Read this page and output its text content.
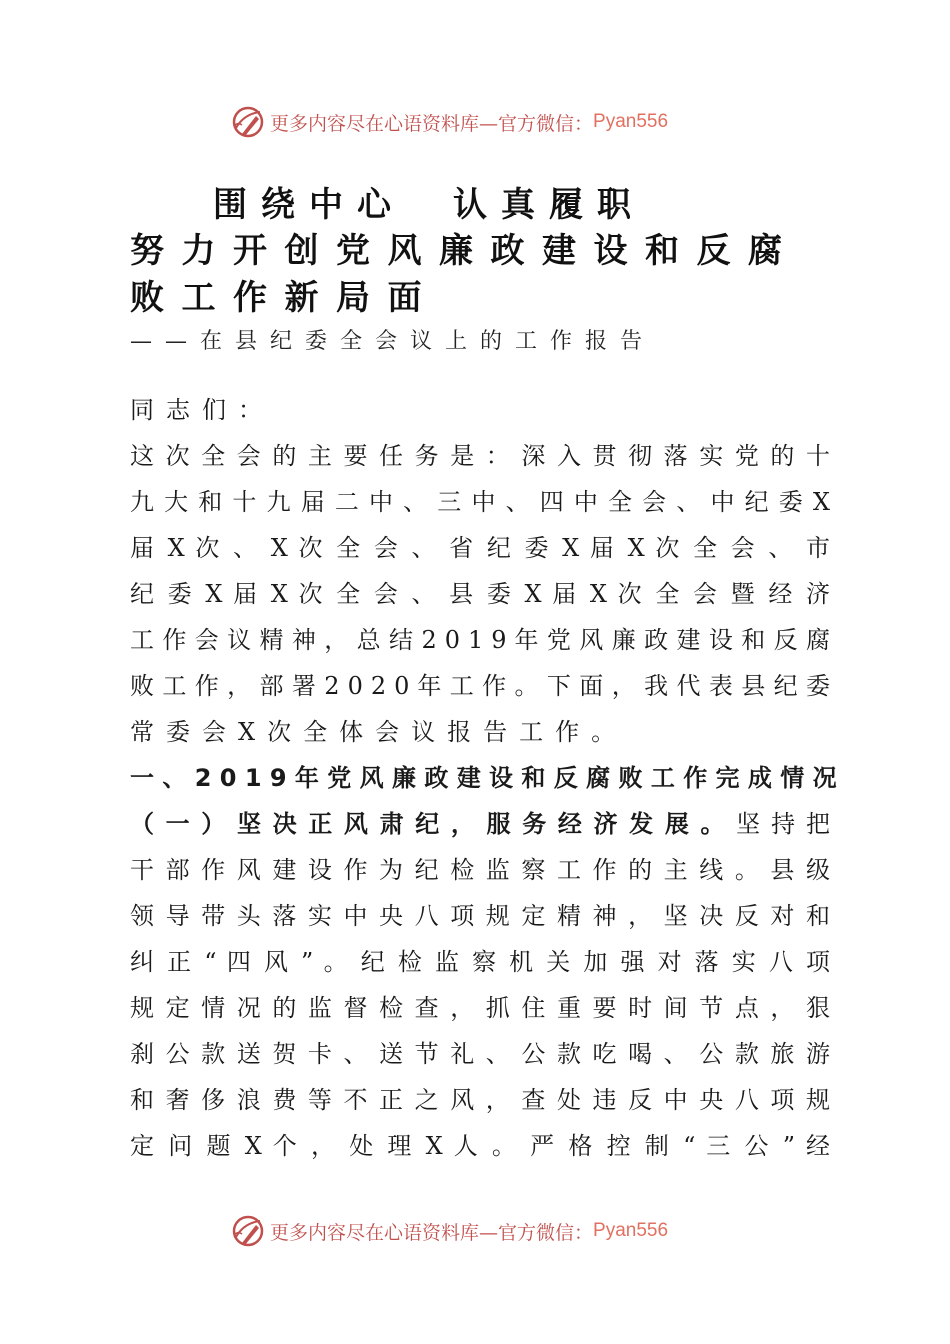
更多内容尽在心语资料库—官方微信： Pyan556
围绕中心　认真履职
努力开创党风廉政建设和反腐
败工作新局面
——在县纪委全会议上的工作报告
同志们：
这 次 全 会 的 主 要 任 务 是 ： 深 入 贯 彻 落 实 党 的 十
九 大 和 十 九 届 二 中 、 三 中 、 四 中 全 会 、 中 纪 委 X
届 X 次 、 X 次 全 会 、 省 纪 委 X 届 X 次 全 会 、 市
纪 委 X 届 X 次 全 会 、 县 委 X 届 X 次 全 会 暨 经 济
工 作 会 议 精 神 ， 总 结 2 0 1 9 年 党 风 廉 政 建 设 和 反 腐
败 工 作 ， 部 署 2 0 2 0 年 工 作 。 下 面 ， 我 代 表 县 纪 委
常委会X次全体会议报告工作。
一 、 2 0 1 9 年 党 风 廉 政 建 设 和 反 腐 败 工 作 完 成 情 况
（ 一 ） 坚 决 正 风 肃 纪 ， 服 务 经 济 发 展 。 坚 持 把
干 部 作 风 建 设 作 为 纪 检 监 察 工 作 的 主 线 。 县 级
领 导 带 头 落 实 中 央 八 项 规 定 精 神 ， 坚 决 反 对 和
纠 正 “ 四 风 ” 。 纪 检 监 察 机 关 加 强 对 落 实 八 项
规 定 情 况 的 监 督 检 查 ， 抓 住 重 要 时 间 节 点 ， 狠
刹 公 款 送 贺 卡 、 送 节 礼 、 公 款 吃 喝 、 公 款 旅 游
和 奢 侈 浪 费 等 不 正 之 风 ， 查 处 违 反 中 央 八 项 规
定 问 题 X 个 ， 处 理 X 人 。 严 格 控 制 “ 三 公 ” 经
更多内容尽在心语资料库—官方微信： Pyan556
